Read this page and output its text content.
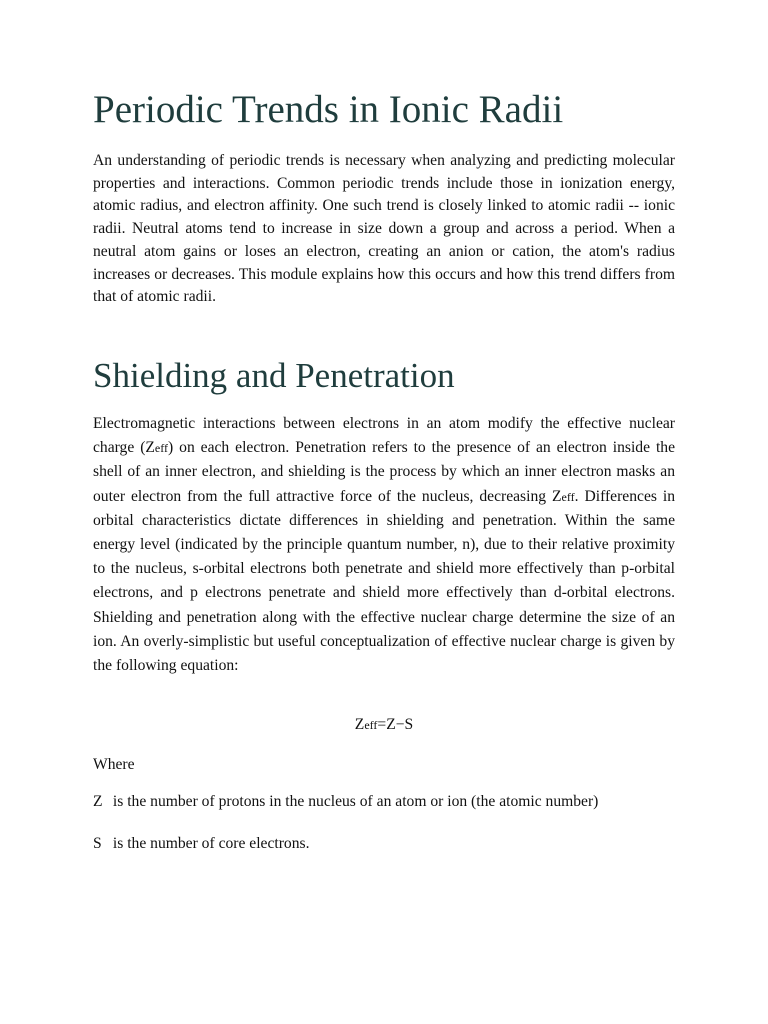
Periodic Trends in Ionic Radii

An understanding of periodic trends is necessary when analyzing and predicting molecular properties and interactions. Common periodic trends include those in ionization energy, atomic radius, and electron affinity. One such trend is closely linked to atomic radii -- ionic radii. Neutral atoms tend to increase in size down a group and across a period. When a neutral atom gains or loses an electron, creating an anion or cation, the atom's radius increases or decreases. This module explains how this occurs and how this trend differs from that of atomic radii.

Shielding and Penetration

Electromagnetic interactions between electrons in an atom modify the effective nuclear charge (Zeff) on each electron. Penetration refers to the presence of an electron inside the shell of an inner electron, and shielding is the process by which an inner electron masks an outer electron from the full attractive force of the nucleus, decreasing Zeff. Differences in orbital characteristics dictate differences in shielding and penetration. Within the same energy level (indicated by the principle quantum number, n), due to their relative proximity to the nucleus, s-orbital electrons both penetrate and shield more effectively than p-orbital electrons, and p electrons penetrate and shield more effectively than d-orbital electrons. Shielding and penetration along with the effective nuclear charge determine the size of an ion. An overly-simplistic but useful conceptualization of effective nuclear charge is given by the following equation:

Zeff=Z−S
Where
Z is the number of protons in the nucleus of an atom or ion (the atomic number)
S is the number of core electrons.
